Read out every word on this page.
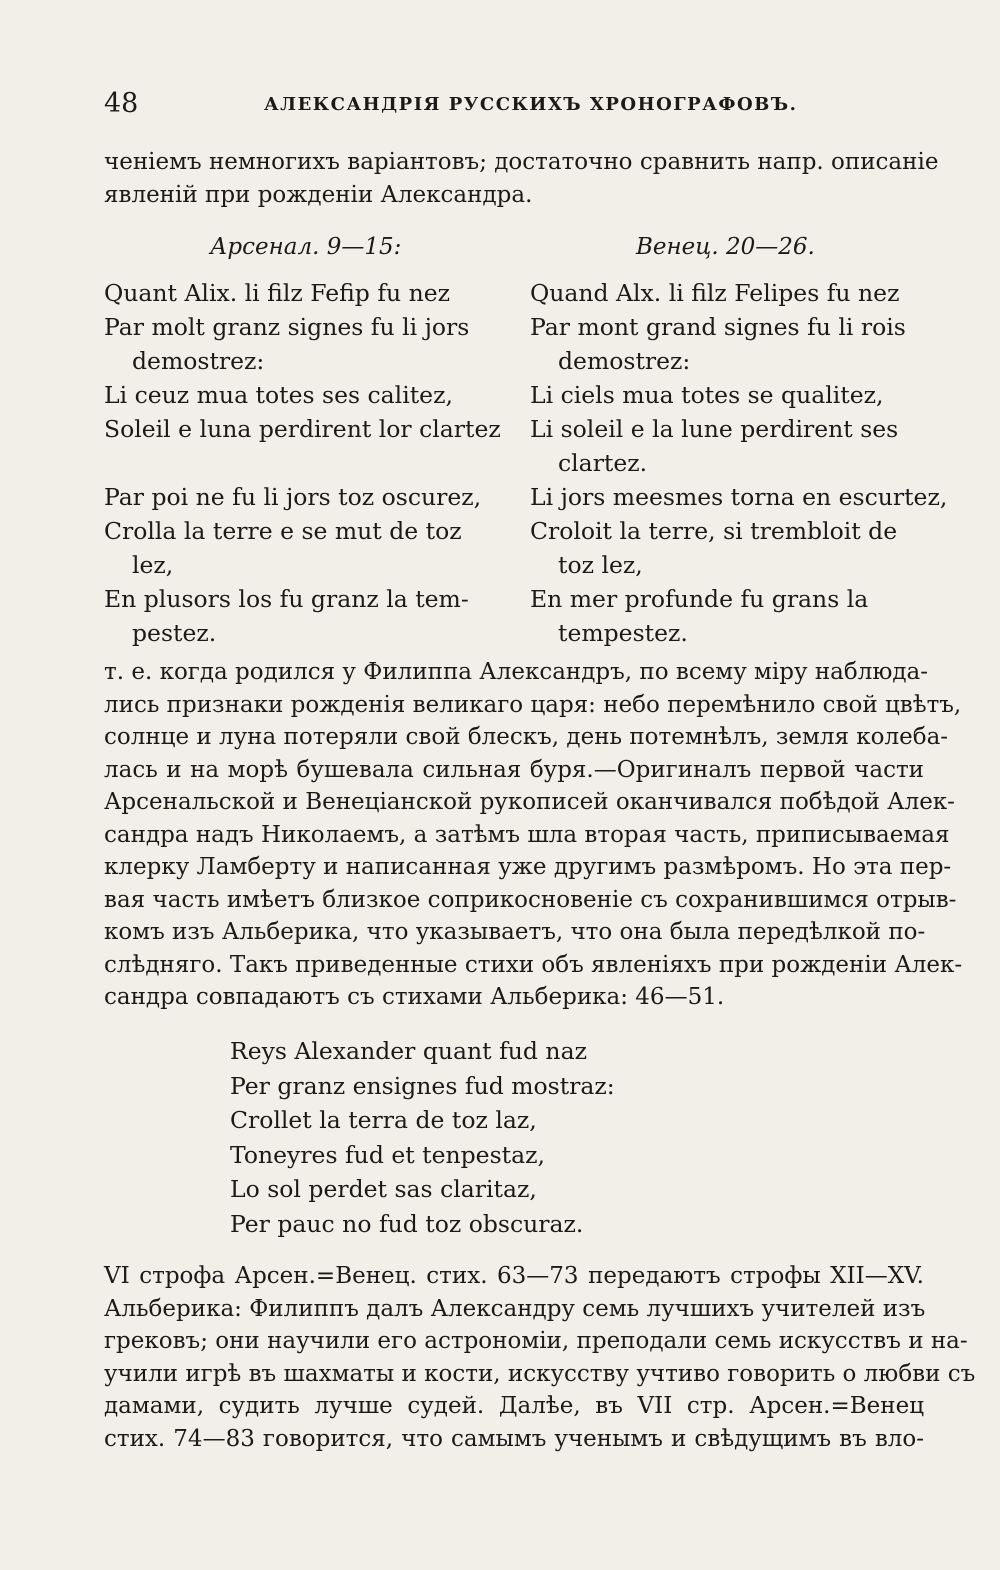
48	АЛЕКСАНДРІЯ РУССКИХЪ ХРОНОГРАФОВЪ.
ченіемъ немногихъ варіантовъ; достаточно сравнить напр. описаніе
явленій при рожденіи Александра.
Арсенал. 9—15:	Венец. 20—26.
Quant Alix. li filz Fefip fu nez
Par molt granz signes fu li jors
demostrez:
Li ceuz mua totes ses calitez,
Soleil e luna perdirent lor clartez

Par poi ne fu li jors toz oscurez,
Crolla la terre e se mut de toz
lez,
En plusors los fu granz la tem-
pestez.
Quand Alx. li filz Felipes fu nez
Par mont grand signes fu li rois
demostrez:
Li ciels mua totes se qualitez,
Li soleil e la lune perdirent ses
clartez.
Li jors meesmes torna en escurtez,
Croloit la terre, si trembloit de
toz lez,
En mer profunde fu grans la
tempestez.
т. е. когда родился у Филиппа Александръ, по всему міру наблюда-
лись признаки рожденія великаго царя: небо перемѣнило свой цвѣтъ,
солнце и луна потеряли свой блескъ, день потемнѣлъ, земля колеба-
лась и на морѣ бушевала сильная буря.—Оригиналъ первой части
Арсенальской и Венеціанской рукописей оканчивался побѣдой Алек-
сандра надъ Николаемъ, а затѣмъ шла вторая часть, приписываемая
клерку Ламберту и написанная уже другимъ размѣромъ. Но эта пер-
вая часть имѣетъ близкое соприкосновеніе съ сохранившимся отрыв-
комъ изъ Альберика, что указываетъ, что она была передѣлкой по-
слѣдняго. Такъ приведенные стихи объ явленіяхъ при рожденіи Алек-
сандра совпадаютъ съ стихами Альберика: 46—51.
Reys Alexander quant fud naz
Per granz ensignes fud mostraz:
Crollet la terra de toz laz,
Toneyres fud et tenpestaz,
Lo sol perdet sas claritaz,
Per pauc no fud toz obscuraz.
VI строфа Арсен.=Венец. стих. 63—73 передаютъ строфы XII—XV.
Альберика: Филиппъ далъ Александру семь лучшихъ учителей изъ
грековъ; они научили его астрономіи, преподали семь искусствъ и на-
учили игрѣ въ шахматы и кости, искусству учтиво говорить о любви съ
дамами, судить лучше судей. Далѣе, въ VII стр. Арсен.=Венец
стих. 74—83 говорится, что самымъ ученымъ и свѣдущимъ въ вло-
